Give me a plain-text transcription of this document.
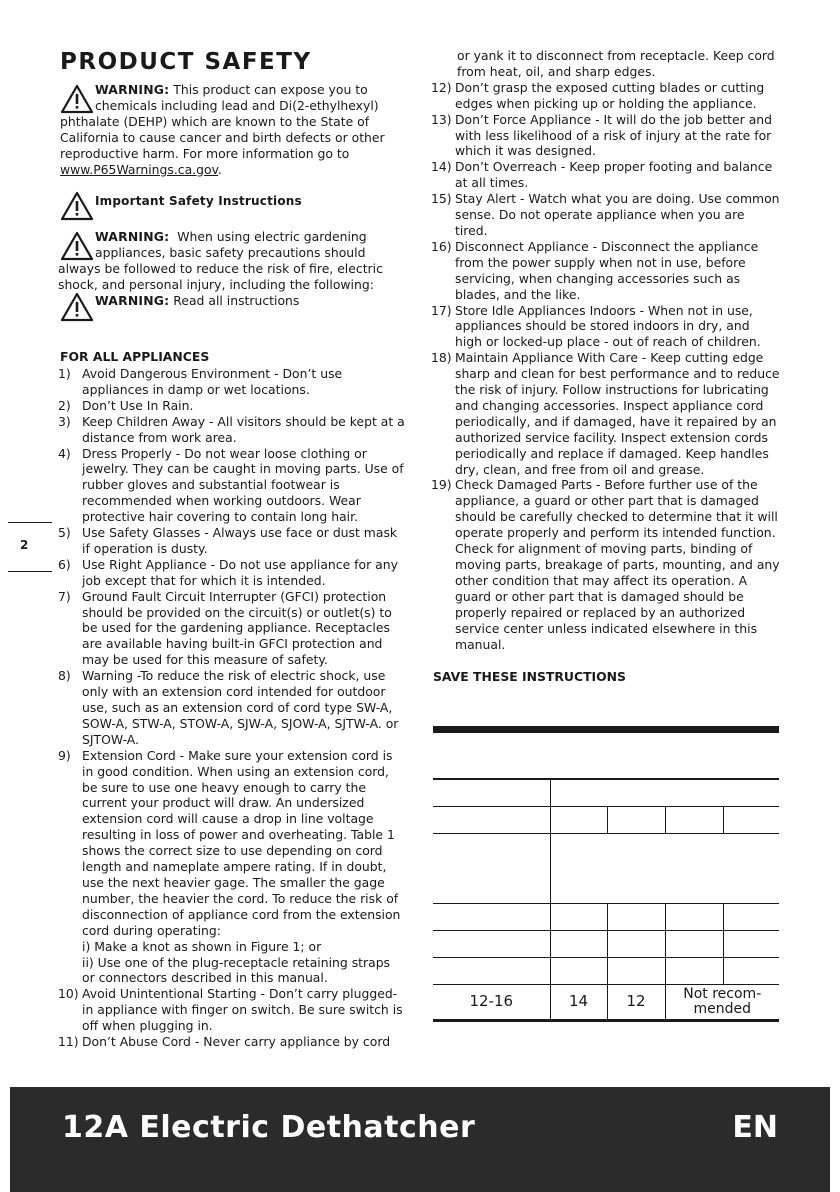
PRODUCT SAFETY
WARNING: This product can expose you to
chemicals including lead and Di(2-ethylhexyl)
phthalate (DEHP) which are known to the State of California to cause cancer and birth defects or other reproductive harm. For more information go to
www.P65Warnings.ca.gov.
Important Safety Instructions
WARNING: When using electric gardening
appliances, basic safety precautions should
always be followed to reduce the risk of fire, electric shock, and personal injury, including the following:
WARNING: Read all instructions
FOR ALL APPLIANCES
1) Avoid Dangerous Environment - Don’t use appliances in damp or wet locations.
2) Don’t Use In Rain.
3) Keep Children Away - All visitors should be kept at a distance from work area.
4) Dress Properly - Do not wear loose clothing or jewelry. They can be caught in moving parts. Use of rubber gloves and substantial footwear is recommended when working outdoors. Wear protective hair covering to contain long hair.
5) Use Safety Glasses - Always use face or dust mask if operation is dusty.
6) Use Right Appliance - Do not use appliance for any job except that for which it is intended.
7) Ground Fault Circuit Interrupter (GFCI) protection should be provided on the circuit(s) or outlet(s) to be used for the gardening appliance. Receptacles are available having built-in GFCI protection and may be used for this measure of safety.
8) Warning -To reduce the risk of electric shock, use only with an extension cord intended for outdoor use, such as an extension cord of cord type SW-A, SOW-A, STW-A, STOW-A, SJW-A, SJOW-A, SJTW-A. or SJTOW-A.
9) Extension Cord - Make sure your extension cord is in good condition. When using an extension cord, be sure to use one heavy enough to carry the current your product will draw. An undersized extension cord will cause a drop in line voltage resulting in loss of power and overheating. Table 1 shows the correct size to use depending on cord length and nameplate ampere rating. If in doubt, use the next heavier gage. The smaller the gage number, the heavier the cord. To reduce the risk of disconnection of appliance cord from the extension cord during operating:
i) Make a knot as shown in Figure 1; or
ii) Use one of the plug-receptacle retaining straps or connectors described in this manual.
10) Avoid Unintentional Starting - Don’t carry plugged-in appliance with finger on switch. Be sure switch is off when plugging in.
11) Don’t Abuse Cord - Never carry appliance by cord
2
or yank it to disconnect from receptacle. Keep cord from heat, oil, and sharp edges.
12) Don’t grasp the exposed cutting blades or cutting edges when picking up or holding the appliance.
13) Don’t Force Appliance - It will do the job better and with less likelihood of a risk of injury at the rate for which it was designed.
14) Don’t Overreach - Keep proper footing and balance at all times.
15) Stay Alert - Watch what you are doing. Use common sense. Do not operate appliance when you are tired.
16) Disconnect Appliance - Disconnect the appliance from the power supply when not in use, before servicing, when changing accessories such as blades, and the like.
17) Store Idle Appliances Indoors - When not in use, appliances should be stored indoors in dry, and high or locked-up place - out of reach of children.
18) Maintain Appliance With Care - Keep cutting edge sharp and clean for best performance and to reduce the risk of injury. Follow instructions for lubricating and changing accessories. Inspect appliance cord periodically, and if damaged, have it repaired by an authorized service facility. Inspect extension cords periodically and replace if damaged. Keep handles dry, clean, and free from oil and grease.
19) Check Damaged Parts - Before further use of the appliance, a guard or other part that is damaged should be carefully checked to determine that it will operate properly and perform its intended function. Check for alignment of moving parts, binding of moving parts, breakage of parts, mounting, and any other condition that may affect its operation. A guard or other part that is damaged should be properly repaired or replaced by an authorized service center unless indicated elsewhere in this manual.
SAVE THESE INSTRUCTIONS

12-16	14	12	Not recom-mended	
12A Electric Dethatcher	EN
